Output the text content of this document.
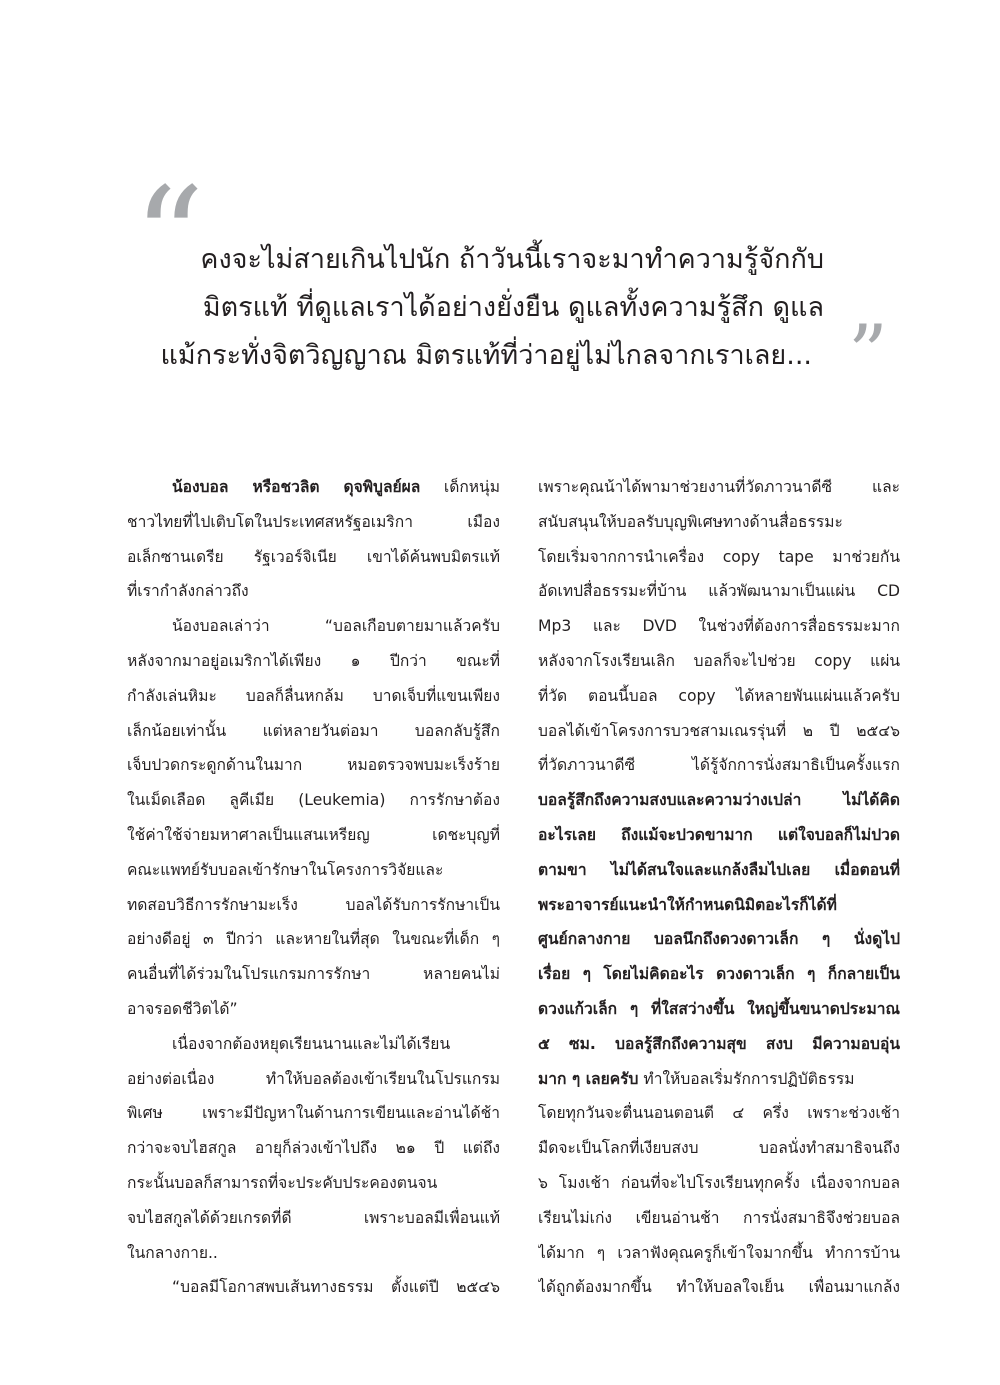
“ คงจะไม่สายเกินไปนัก ถ้าวันนี้เราจะมาทำความรู้จักกับ
มิตรแท้ ที่ดูแลเราได้อย่างยั่งยืน ดูแลทั้งความรู้สึก ดูแล
แม้กระทั่งจิตวิญญาณ มิตรแท้ที่ว่าอยู่ไม่ไกลจากเราเลย... ”
น้องบอล หรือชวลิต ดุจพิบูลย์ผล เด็กหนุ่ม
ชาวไทยที่ไปเติบโตในประเทศสหรัฐอเมริกา เมือง
อเล็กซานเดรีย รัฐเวอร์จิเนีย เขาได้ค้นพบมิตรแท้
ที่เรากำลังกล่าวถึง
น้องบอลเล่าว่า “บอลเกือบตายมาแล้วครับ
หลังจากมาอยู่อเมริกาได้เพียง ๑ ปีกว่า ขณะที่
กำลังเล่นหิมะ บอลก็ลื่นหกล้ม บาดเจ็บที่แขนเพียง
เล็กน้อยเท่านั้น แต่หลายวันต่อมา บอลกลับรู้สึก
เจ็บปวดกระดูกด้านในมาก หมอตรวจพบมะเร็งร้าย
ในเม็ดเลือด ลูคีเมีย (Leukemia) การรักษาต้อง
ใช้ค่าใช้จ่ายมหาศาลเป็นแสนเหรียญ เดชะบุญที่
คณะแพทย์รับบอลเข้ารักษาในโครงการวิจัยและ
ทดสอบวิธีการรักษามะเร็ง บอลได้รับการรักษาเป็น
อย่างดีอยู่ ๓ ปีกว่า และหายในที่สุด ในขณะที่เด็ก ๆ
คนอื่นที่ได้ร่วมในโปรแกรมการรักษา หลายคนไม่
อาจรอดชีวิตได้”
เนื่องจากต้องหยุดเรียนนานและไม่ได้เรียน
อย่างต่อเนื่อง ทำให้บอลต้องเข้าเรียนในโปรแกรม
พิเศษ เพราะมีปัญหาในด้านการเขียนและอ่านได้ช้า
กว่าจะจบไฮสกูล อายุก็ล่วงเข้าไปถึง ๒๑ ปี แต่ถึง
กระนั้นบอลก็สามารถที่จะประคับประคองตนจน
จบไฮสกูลได้ด้วยเกรดที่ดี เพราะบอลมีเพื่อนแท้
ในกลางกาย..
“บอลมีโอกาสพบเส้นทางธรรม ตั้งแต่ปี ๒๕๔๖
เพราะคุณน้าได้พามาช่วยงานที่วัดภาวนาดีซี และ
สนับสนุนให้บอลรับบุญพิเศษทางด้านสื่อธรรมะ
โดยเริ่มจากการนำเครื่อง copy tape มาช่วยกัน
อัดเทปสื่อธรรมะที่บ้าน แล้วพัฒนามาเป็นแผ่น CD
Mp3 และ DVD ในช่วงที่ต้องการสื่อธรรมะมาก
หลังจากโรงเรียนเลิก บอลก็จะไปช่วย copy แผ่น
ที่วัด ตอนนี้บอล copy ได้หลายพันแผ่นแล้วครับ
บอลได้เข้าโครงการบวชสามเณรรุ่นที่ ๒ ปี ๒๕๔๖
ที่วัดภาวนาดีซี ได้รู้จักการนั่งสมาธิเป็นครั้งแรก
บอลรู้สึกถึงความสงบและความว่างเปล่า ไม่ได้คิด
อะไรเลย ถึงแม้จะปวดขามาก แต่ใจบอลก็ไม่ปวด
ตามขา ไม่ได้สนใจและแกล้งลืมไปเลย เมื่อตอนที่
พระอาจารย์แนะนำให้กำหนดนิมิตอะไรก็ได้ที่
ศูนย์กลางกาย บอลนึกถึงดวงดาวเล็ก ๆ นั่งดูไป
เรื่อย ๆ โดยไม่คิดอะไร ดวงดาวเล็ก ๆ ก็กลายเป็น
ดวงแก้วเล็ก ๆ ที่ใสสว่างขึ้น ใหญ่ขึ้นขนาดประมาณ
๕ ซม. บอลรู้สึกถึงความสุข สงบ มีความอบอุ่น
มาก ๆ เลยครับ ทำให้บอลเริ่มรักการปฏิบัติธรรม
โดยทุกวันจะตื่นนอนตอนตี ๔ ครึ่ง เพราะช่วงเช้า
มืดจะเป็นโลกที่เงียบสงบ บอลนั่งทำสมาธิจนถึง
๖ โมงเช้า ก่อนที่จะไปโรงเรียนทุกครั้ง เนื่องจากบอล
เรียนไม่เก่ง เขียนอ่านช้า การนั่งสมาธิจึงช่วยบอล
ได้มาก ๆ เวลาฟังคุณครูก็เข้าใจมากขึ้น ทำการบ้าน
ได้ถูกต้องมากขึ้น ทำให้บอลใจเย็น เพื่อนมาแกล้ง
